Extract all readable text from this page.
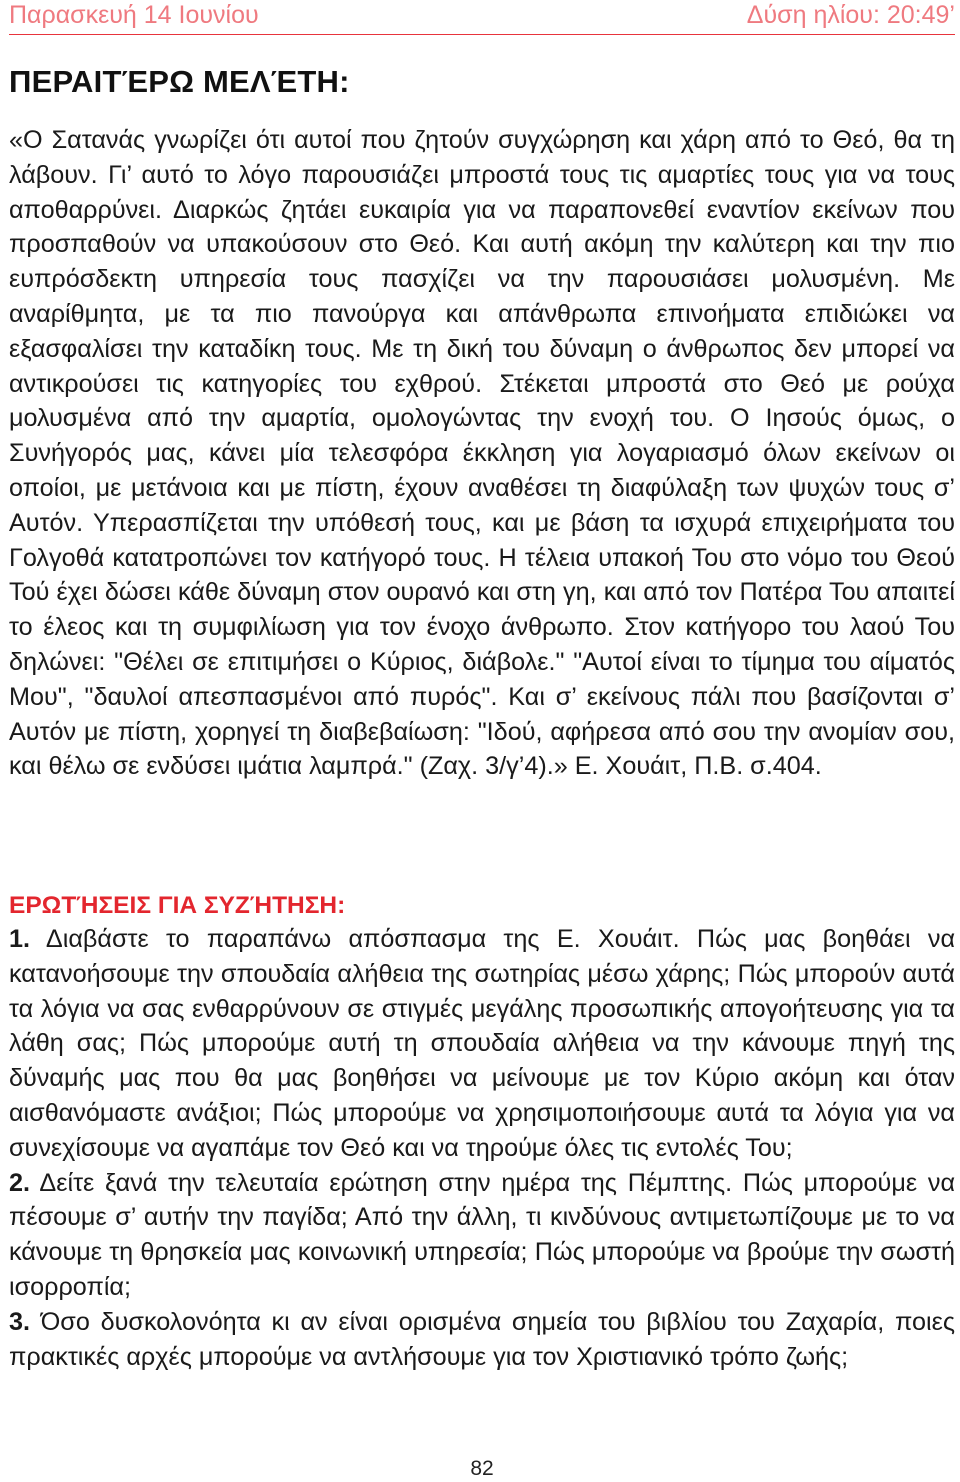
Παρασκευή 14 Ιουνίου	Δύση ηλίου: 20:49’
ΠΕΡΑΙΤΈΡΩ ΜΕΛΈΤΗ:

«Ο Σατανάς γνωρίζει ότι αυτοί που ζητούν συγχώρηση και χάρη από το Θεό, θα τη λάβουν. Γι’ αυτό το λόγο παρουσιάζει μπροστά τους τις αμαρτίες τους για να τους αποθαρρύνει. Διαρκώς ζητάει ευκαιρία για να παραπονεθεί εναντίον εκείνων που προσπαθούν να υπακούσουν στο Θεό. Και αυτή ακόμη την καλύτερη και την πιο ευπρόσδεκτη υπηρεσία τους πασχίζει να την παρουσιάσει μολυσμένη. Με αναρίθμητα, με τα πιο πανούργα και απάνθρωπα επινοήματα επιδιώκει να εξασφαλίσει την καταδίκη τους. Με τη δική του δύναμη ο άνθρωπος δεν μπορεί να αντικρούσει τις κατηγορίες του εχθρού. Στέκεται μπροστά στο Θεό με ρούχα μολυσμένα από την αμαρτία, ομολογώντας την ενοχή του. Ο Ιησούς όμως, ο Συνήγορός μας, κάνει μία τελεσφόρα έκκληση για λογαριασμό όλων εκείνων οι οποίοι, με μετάνοια και με πίστη, έχουν αναθέσει τη διαφύλαξη των ψυχών τους σ’ Αυτόν. Υπερασπίζεται την υπόθεσή τους, και με βάση τα ισχυρά επιχειρήματα του Γολγοθά κατατροπώνει τον κατήγορό τους. Η τέλεια υπακοή Του στο νόμο του Θεού Τού έχει δώσει κάθε δύναμη στον ουρανό και στη γη, και από τον Πατέρα Του απαιτεί το έλεος και τη συμφιλίωση για τον ένοχο άνθρωπο. Στον κατήγορο του λαού Του δηλώνει: "Θέλει σε επιτιμήσει ο Κύριος, διάβολε." "Αυτοί είναι το τίμημα του αίματός Μου", "δαυλοί απεσπασμένοι από πυρός". Και σ’ εκείνους πάλι που βασίζονται σ’ Αυτόν με πίστη, χορηγεί τη διαβεβαίωση: "Ιδού, αφήρεσα από σου την ανομίαν σου, και θέλω σε ενδύσει ιμάτια λαμπρά." (Ζαχ. 3/γ’4).» Ε. Χουάιτ, Π.Β. σ.404.

ΕΡΩΤΉΣΕΙΣ ΓΙΑ ΣΥΖΉΤΗΣΗ:

1. Διαβάστε το παραπάνω απόσπασμα της Ε. Χουάιτ. Πώς μας βοηθάει να κατανοήσουμε την σπουδαία αλήθεια της σωτηρίας μέσω χάρης; Πώς μπορούν αυτά τα λόγια να σας ενθαρρύνουν σε στιγμές μεγάλης προσωπικής απογοήτευσης για τα λάθη σας; Πώς μπορούμε αυτή τη σπουδαία αλήθεια να την κάνουμε πηγή της δύναμής μας που θα μας βοηθήσει να μείνουμε με τον Κύριο ακόμη και όταν αισθανόμαστε ανάξιοι; Πώς μπορούμε να χρησιμοποιήσουμε αυτά τα λόγια για να συνεχίσουμε να αγαπάμε τον Θεό και να τηρούμε όλες τις εντολές Του;

2. Δείτε ξανά την τελευταία ερώτηση στην ημέρα της Πέμπτης. Πώς μπορούμε να πέσουμε σ’ αυτήν την παγίδα; Από την άλλη, τι κινδύνους αντιμετωπίζουμε με το να κάνουμε τη θρησκεία μας κοινωνική υπηρεσία; Πώς μπορούμε να βρούμε την σωστή ισορροπία;

3. Όσο δυσκολονόητα κι αν είναι ορισμένα σημεία του βιβλίου του Ζαχαρία, ποιες πρακτικές αρχές μπορούμε να αντλήσουμε για τον Χριστιανικό τρόπο ζωής;

82
